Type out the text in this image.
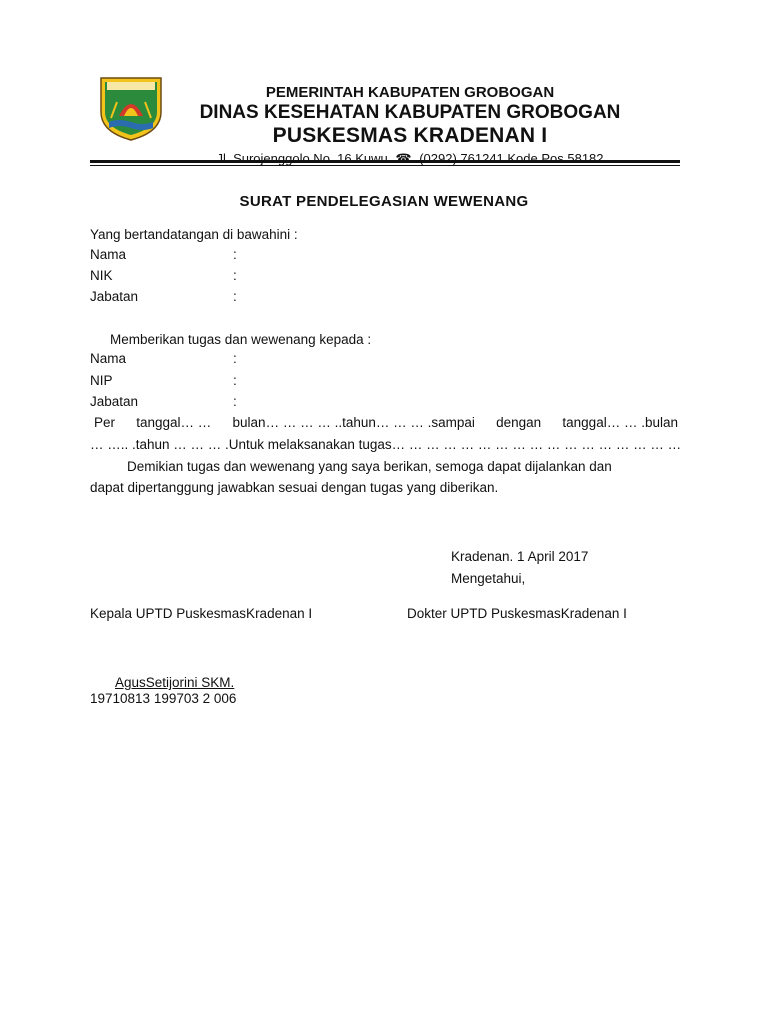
PEMERINTAH KABUPATEN GROBOGAN
DINAS KESEHATAN KABUPATEN GROBOGAN
PUSKESMAS KRADENAN I
Jl. Surojenggolo No. 16 Kuwu ☎ (0292) 761241 Kode Pos 58182
SURAT PENDELEGASIAN WEWENANG
Yang bertandatangan di bawahini :
Nama	:
NIK	:
Jabatan	:
Memberikan tugas dan wewenang kepada :
Nama	:
NIP	:
Jabatan	:
Per tanggal… … bulan… … … … ..tahun… … … .sampai dengan tanggal… … .bulan
… ….. .tahun … … … .Untuk melaksanakan tugas… … … … … … … … … … … … … … … … …
Demikian tugas dan wewenang yang saya berikan, semoga dapat dijalankan dan
dapat dipertanggung jawabkan sesuai dengan tugas yang diberikan.
Kradenan. 1 April 2017
Mengetahui,
Kepala UPTD PuskesmasKradenan I	Dokter UPTD PuskesmasKradenan I
AgusSetijorini SKM.
19710813 199703 2 006
